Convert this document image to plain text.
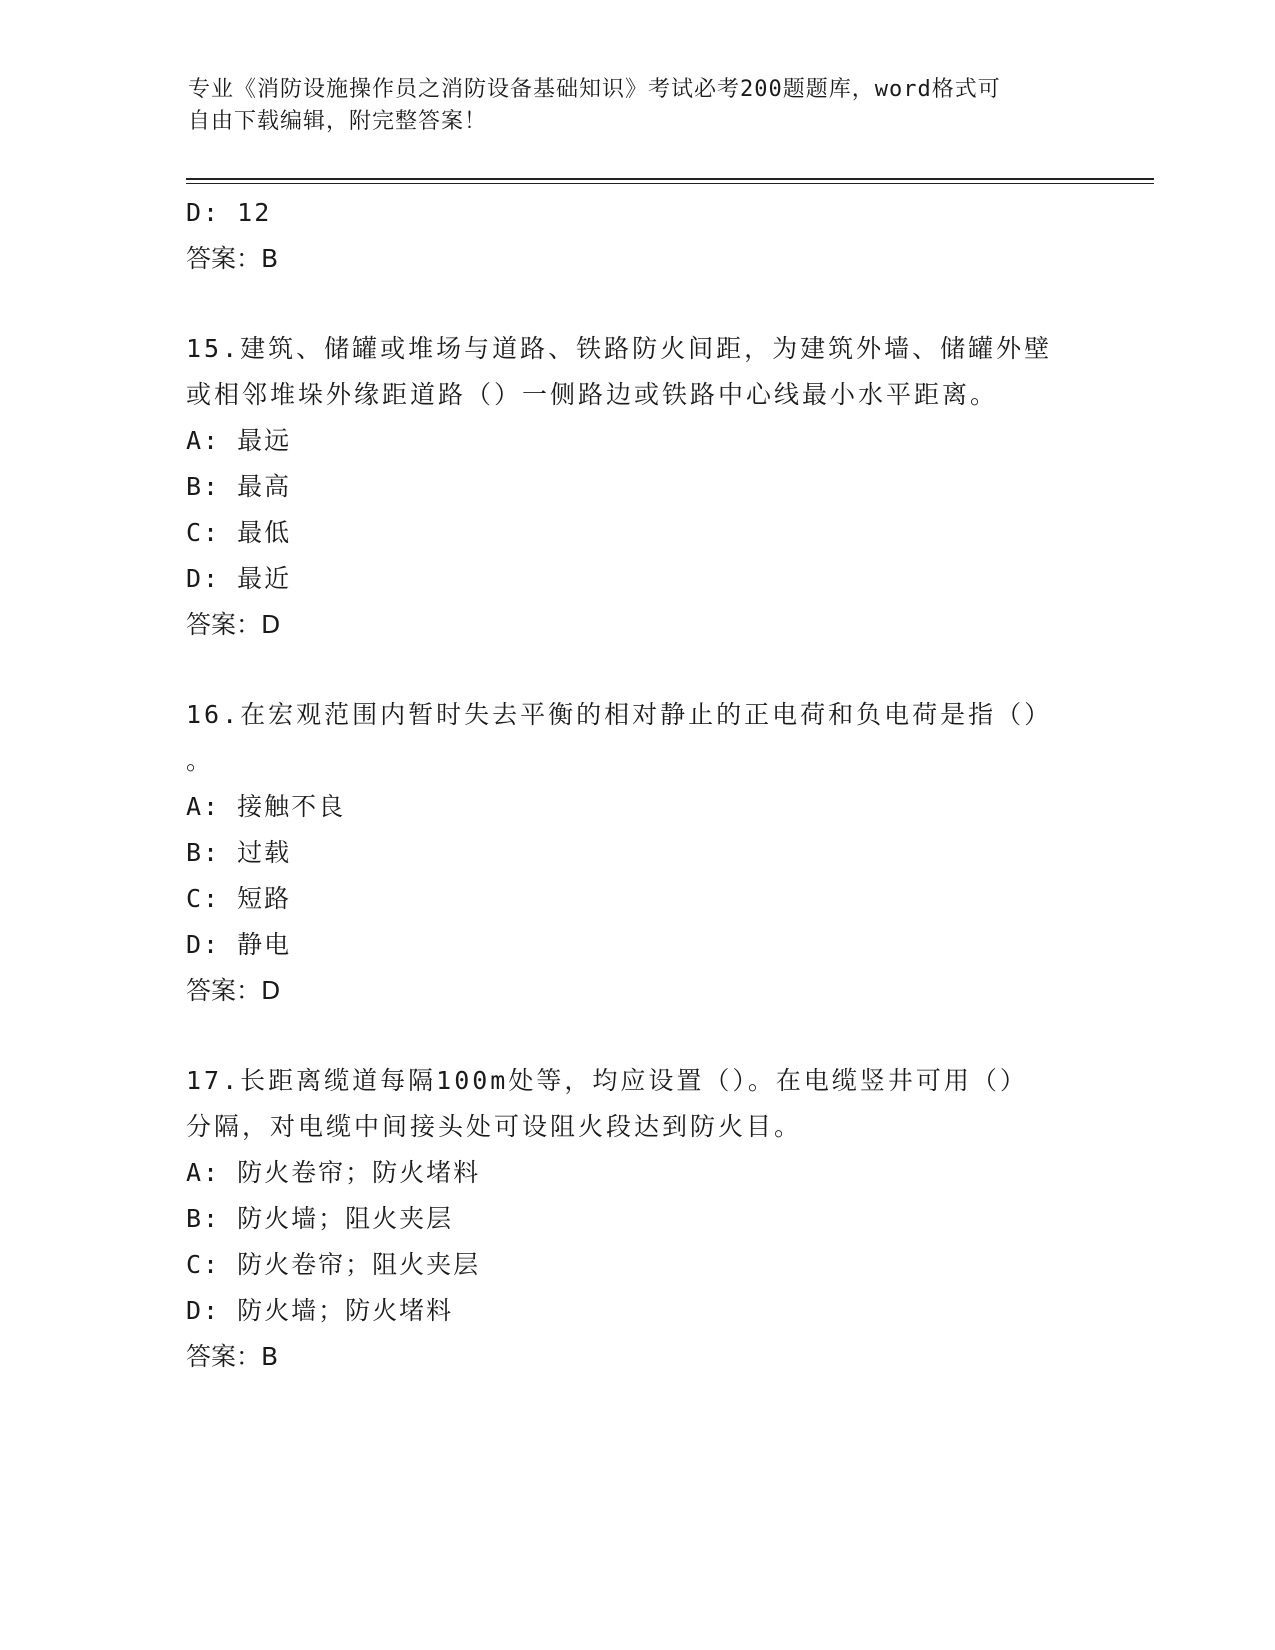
专业《消防设施操作员之消防设备基础知识》考试必考200题题库，word格式可
自由下载编辑，附完整答案！
D: 12
答案：B
15.建筑、储罐或堆场与道路、铁路防火间距，为建筑外墙、储罐外壁
或相邻堆垛外缘距道路（）一侧路边或铁路中心线最小水平距离。
A: 最远
B: 最高
C: 最低
D: 最近
答案：D
16.在宏观范围内暂时失去平衡的相对静止的正电荷和负电荷是指（）
。
A: 接触不良
B: 过载
C: 短路
D: 静电
答案：D
17.长距离缆道每隔100m处等，均应设置（）。在电缆竖井可用（）
分隔，对电缆中间接头处可设阻火段达到防火目。
A: 防火卷帘；防火堵料
B: 防火墙；阻火夹层
C: 防火卷帘；阻火夹层
D: 防火墙；防火堵料
答案：B
